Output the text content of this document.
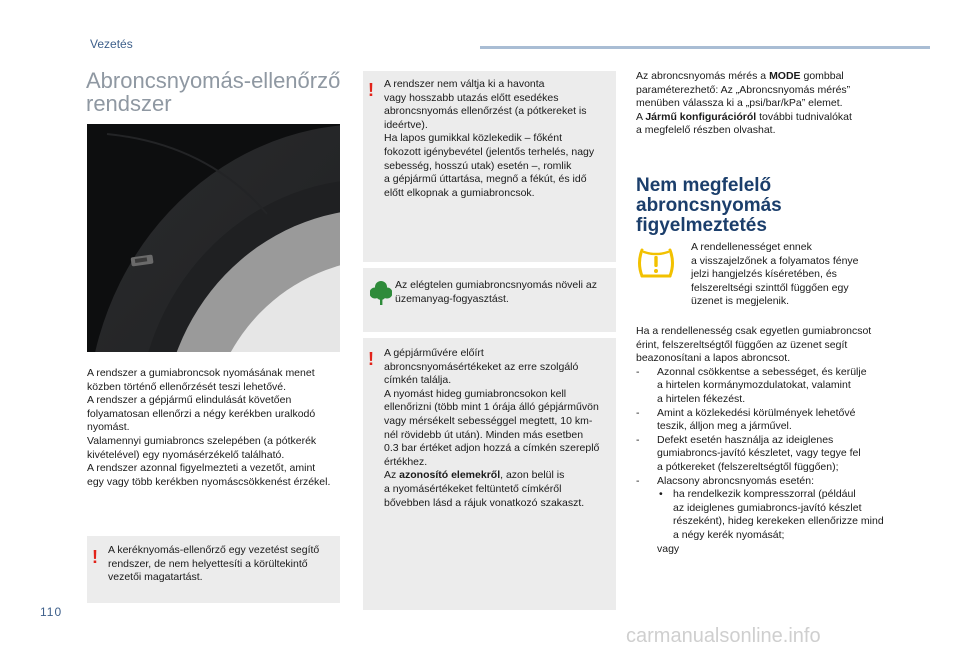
Vezetés
Abroncsnyomás-ellenőrző rendszer
A rendszer a gumiabroncsok nyomásának menet
közben történő ellenőrzését teszi lehetővé.
A rendszer a gépjármű elindulását követően
folyamatosan ellenőrzi a négy kerékben uralkodó
nyomást.
Valamennyi gumiabroncs szelepében (a pótkerék
kivételével) egy nyomásérzékelő található.
A rendszer azonnal figyelmezteti a vezetőt, amint
egy vagy több kerékben nyomáscsökkenést érzékel.
! A keréknyomás-ellenőrző egy vezetést segítő
rendszer, de nem helyettesíti a körültekintő
vezetői magatartást.
! A rendszer nem váltja ki a havonta
vagy hosszabb utazás előtt esedékes
abroncsnyomás ellenőrzést (a pótkereket is
ideértve).
Ha lapos gumikkal közlekedik – főként
fokozott igénybevétel (jelentős terhelés, nagy
sebesség, hosszú utak) esetén –, romlik
a gépjármű úttartása, megnő a fékút, és idő
előtt elkopnak a gumiabroncsok.
Az elégtelen gumiabroncsnyomás növeli az
üzemanyag-fogyasztást.
! A gépjárművére előírt
abroncsnyomásértékeket az erre szolgáló
címkén találja.
A nyomást hideg gumiabroncsokon kell
ellenőrizni (több mint 1 órája álló gépjárművön
vagy mérsékelt sebességgel megtett, 10 km-
nél rövidebb út után). Minden más esetben
0.3 bar értéket adjon hozzá a címkén szereplő
értékhez.
Az azonosító elemekről, azon belül is
a nyomásértékeket feltüntető címkéről
bővebben lásd a rájuk vonatkozó szakaszt.
Az abroncsnyomás mérés a MODE gombbal
paraméterezhető: Az „Abroncsnyomás mérés”
menüben válassza ki a „psi/bar/kPa” elemet.
A Jármű konfigurációról további tudnivalókat
a megfelelő részben olvashat.
Nem megfelelő abroncsnyomás figyelmeztetés
A rendellenességet ennek
a visszajelzőnek a folyamatos fénye
jelzi hangjelzés kíséretében, és
felszereltségi szinttől függően egy
üzenet is megjelenik.
Ha a rendellenesség csak egyetlen gumiabroncsot
érint, felszereltségtől függően az üzenet segít
beazonosítani a lapos abroncsot.
- Azonnal csökkentse a sebességet, és kerülje
a hirtelen kormánymozdulatokat, valamint
a hirtelen fékezést.
- Amint a közlekedési körülmények lehetővé
teszik, álljon meg a járművel.
- Defekt esetén használja az ideiglenes
gumiabroncs-javító készletet, vagy tegye fel
a pótkereket (felszereltségtől függően);
- Alacsony abroncsnyomás esetén:
• ha rendelkezik kompresszorral (például
az ideiglenes gumiabroncs-javító készlet
részeként), hideg kerekeken ellenőrizze mind
a négy kerék nyomását;
vagy
110
carmanualsonline.info
